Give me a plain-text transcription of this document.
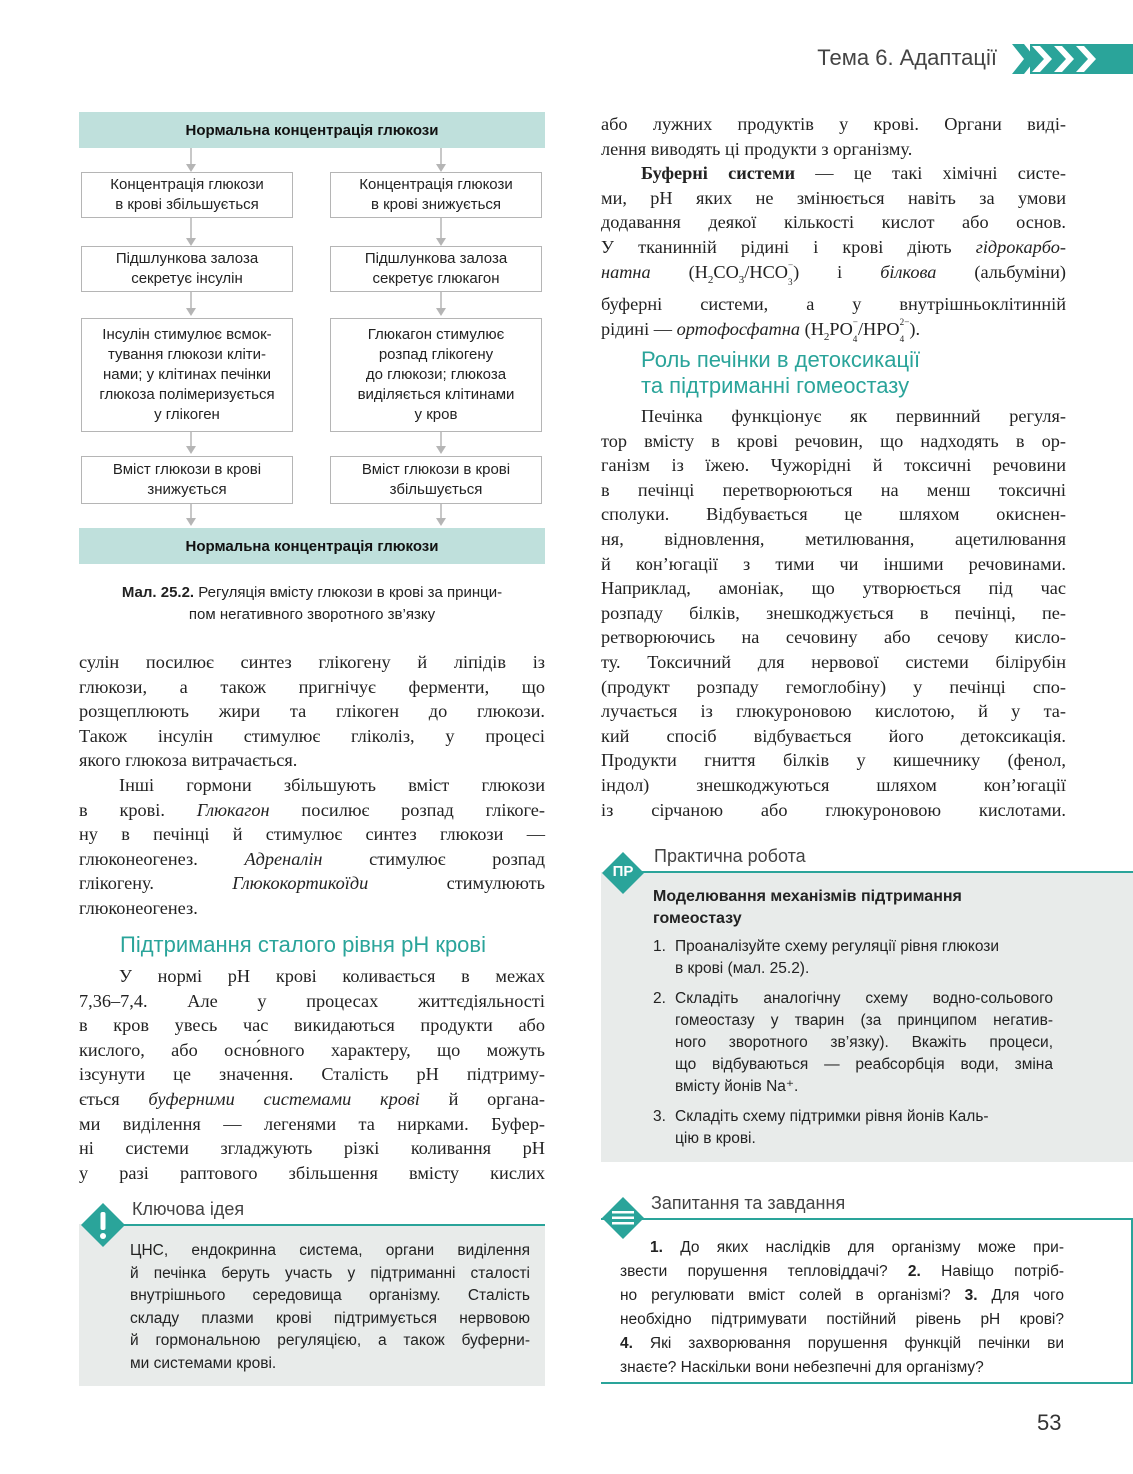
Тема 6. Адаптації
Нормальна концентрація глюкози
Концентрація глюкози
в крові збільшується
Підшлункова залоза
секретує інсулін
Інсулін стимулює всмок-
тування глюкози клiти-
нами; у клітинах печінки
глюкоза полімеризується
у глікоген
Вміст глюкози в крові
знижується
Концентрація глюкози
в крові знижується
Підшлункова залоза
секретує глюкагон
Глюкагон стимулює
розпад глікогену
до глюкози; глюкоза
виділяється клітинами
у кров
Вміст глюкози в крові
збільшується
Нормальна концентрація глюкози
Мал. 25.2. Регуляція вмісту глюкози в крові за принци-
пом негативного зворотного зв’язку

сулін посилює синтез глікогену й ліпідів із

глюкози, а також пригнічує ферменти, що

розщеплюють жири та глікоген до глюкози.

Також інсулін стимулює гліколіз, у процесі

якого глюкоза витрачається.

Інші гормони збільшують вміст глюкози

в крові. Глюкагон посилює розпад глікоге-

ну в печінці й стимулює синтез глюкози —

глюконеогенез. Адреналін стимулює розпад

глікогену. Глюкокортикоїди стимулюють

глюконеогенез.

Підтримання сталого рівня pH крові

У нормі pH крові коливається в межах

7,36–7,4. Але у процесах життєдіяльності

в кров увесь час викидаються продукти або

кислого, або осно́вного характеру, що можуть

ізсунути це значення. Сталість pH підтриму-

ється буферними системами крові й органа-

ми виділення — легенями та нирками. Буфер-

ні системи згладжують різкі коливання pH

у разі раптового збільшення вмісту кислих

Ключова ідея
ЦНС, ендокринна система, органи виділення
й печінка беруть участь у підтриманні сталості
внутрішнього середовища організму. Сталість
складу плазми крові підтримується нервовою
й гормональною регуляцією, а також буферни-
ми системами крові.

або лужних продуктів у крові. Органи виді-

лення виводять ці продукти з організму.

Буферні системи — це такі хімічні систе-

ми, pH яких не змінюється навіть за умови

додавання деякої кількості кислот або основ.

У тканинній рідині і крові діють гідрокарбо-

натна ($H_2CO_3/HCO^-$
$_3$) і білкова (альбуміни)

буферні системи, а у внутрішньоклітинній

рідині — ортофосфатна ($H_2PO^-$
$_4/HPO^{2-}$
$_4$).

Роль печінки в детоксикації
та підтриманні гомеостазу

Печінка функціонує як первинний регуля-

тор вмісту в крові речовин, що надходять в ор-

ганізм із їжею. Чужорідні й токсичні речовини

в печінці перетворюються на менш токсичні

сполуки. Відбувається це шляхом окиснен-

ня, відновлення, метилювання, ацетилювання

й кон’югації з тими чи іншими речовинами.

Наприклад, амоніак, що утворюється під час

розпаду білків, знешкоджується в печінці, пе-

ретворюючись на сечовину або сечову кисло-

ту. Токсичний для нервової системи білірубін

(продукт розпаду гемоглобіну) у печінці спо-

лучається із глюкуроновою кислотою, й у та-

кий спосіб відбувається його детоксикація.

Продукти гниття білків у кишечнику (фенол,

індол) знешкоджуються шляхом кон’югації

із сірчаною або глюкуроновою кислотами.

Практична робота
ПР
Моделювання механізмів підтримання
гомеостазу
1. Проаналізуйте схему регуляції рівня глюкози
в крові (мал. 25.2).
2. Складіть аналогічну схему водно-сольового
гомеостазу у тварин (за принципом негатив-
ного зворотного зв’язку). Вкажіть процеси,
що відбуваються — реабсорбція води, зміна
вмісту йонів Na⁺.
3. Складіть схему підтримки рівня йонів Каль-
цію в крові.
Запитання та завдання
1. До яких наслідків для організму може при-
звести порушення тепловіддачі? 2. Навіщо потріб-
но регулювати вміст солей в організмі? 3. Для чого
необхідно підтримувати постійний рівень pH крові?
4. Які захворювання порушення функцій печінки ви
знаєте? Наскільки вони небезпечні для організму?
53
